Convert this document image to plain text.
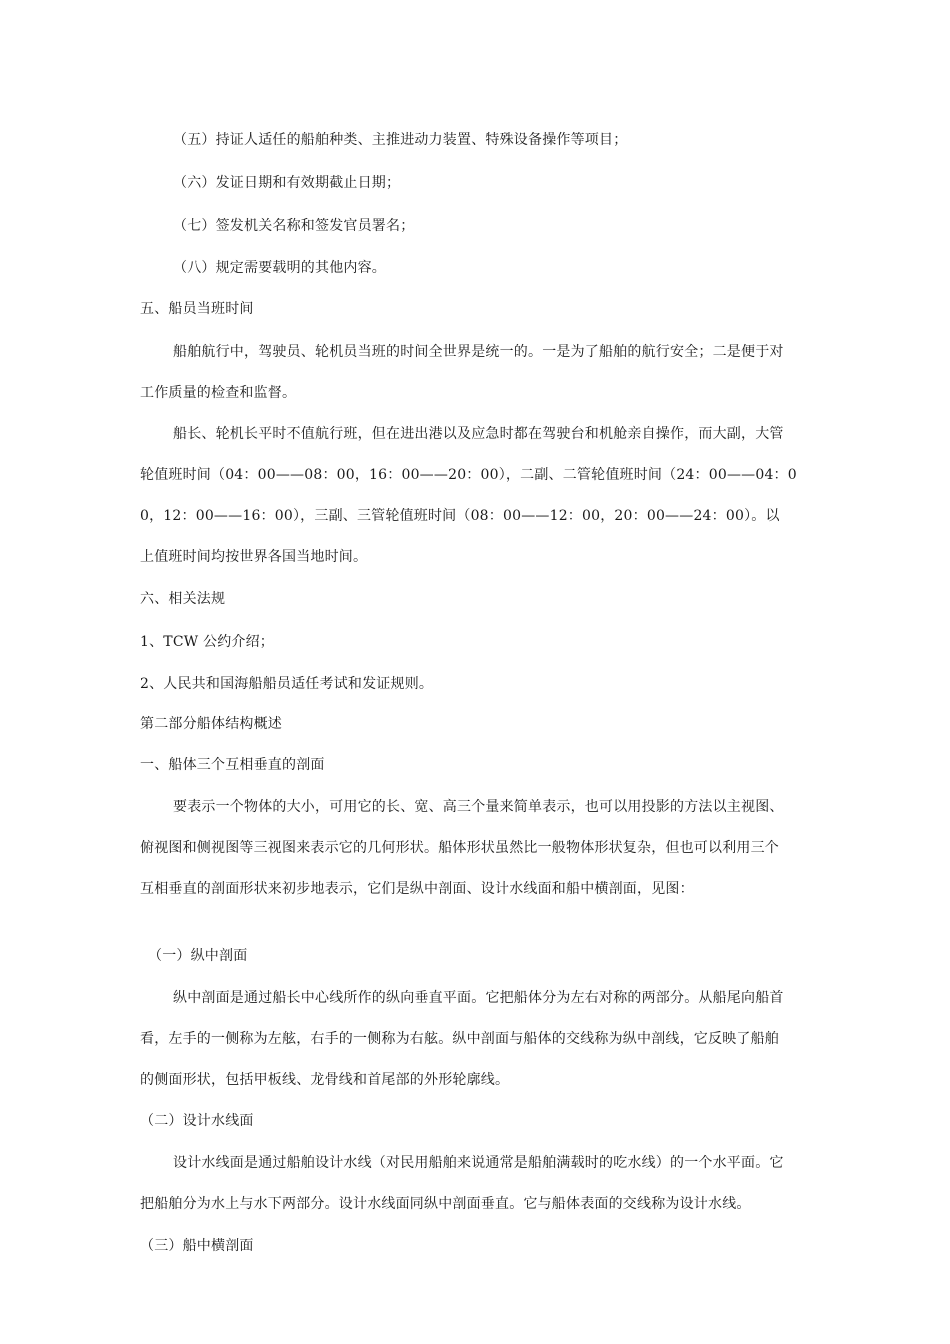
（五）持证人适任的船舶种类、主推进动力装置、特殊设备操作等项目；
（六）发证日期和有效期截止日期；
（七）签发机关名称和签发官员署名；
（八）规定需要载明的其他内容。
五、船员当班时间
船舶航行中，驾驶员、轮机员当班的时间全世界是统一的。一是为了船舶的航行安全；二是便于对
工作质量的检查和监督。
船长、轮机长平时不值航行班，但在进出港以及应急时都在驾驶台和机舱亲自操作，而大副，大管
轮值班时间（04：00——08：00，16：00——20：00），二副、二管轮值班时间（24：00——04：0
0，12：00——16：00），三副、三管轮值班时间（08：00——12：00，20：00——24：00）。以
上值班时间均按世界各国当地时间。
六、相关法规
1、TCW 公约介绍；
2、人民共和国海船船员适任考试和发证规则。
第二部分船体结构概述
一、船体三个互相垂直的剖面
要表示一个物体的大小，可用它的长、宽、高三个量来简单表示，也可以用投影的方法以主视图、
俯视图和侧视图等三视图来表示它的几何形状。船体形状虽然比一般物体形状复杂，但也可以利用三个
互相垂直的剖面形状来初步地表示，它们是纵中剖面、设计水线面和船中横剖面，见图：
（一）纵中剖面
纵中剖面是通过船长中心线所作的纵向垂直平面。它把船体分为左右对称的两部分。从船尾向船首
看，左手的一侧称为左舷，右手的一侧称为右舷。纵中剖面与船体的交线称为纵中剖线，它反映了船舶
的侧面形状，包括甲板线、龙骨线和首尾部的外形轮廓线。
（二）设计水线面
设计水线面是通过船舶设计水线（对民用船舶来说通常是船舶满载时的吃水线）的一个水平面。它
把船舶分为水上与水下两部分。设计水线面同纵中剖面垂直。它与船体表面的交线称为设计水线。
（三）船中横剖面
